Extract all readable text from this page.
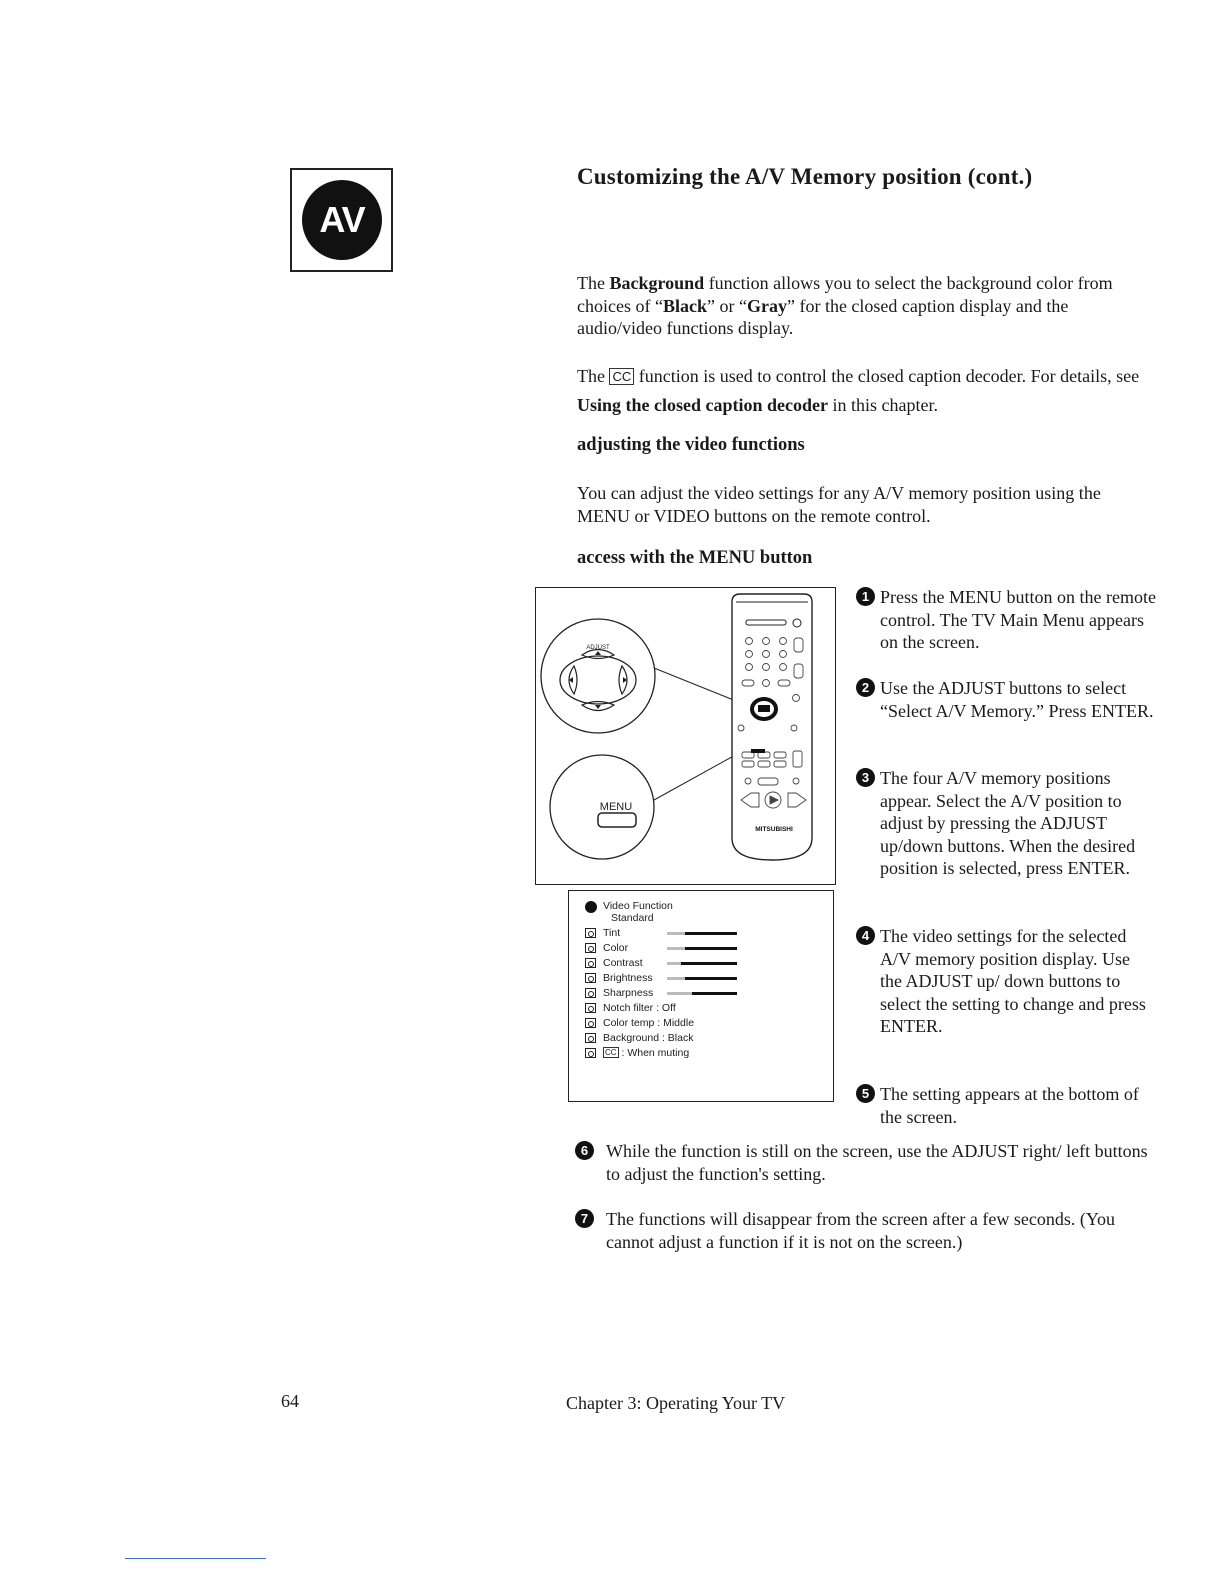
AV
Customizing the A/V Memory position (cont.)

The Background function allows you to select the background color from choices of “Black” or “Gray” for the closed caption display and the audio/video functions display.

The CC function is used to control the closed caption decoder. For details, see Using the closed caption decoder in this chapter.

adjusting the video functions

You can adjust the video settings for any A/V memory position using the MENU or VIDEO buttons on the remote control.

access with the MENU button

ADJUST
MENU
MITSUBISHI
Video Function
Standard
Tint
Color
Contrast
Brightness
Sharpness
Notch filter : Off
Color temp : Middle
Background : Black
CC : When muting
1 Press the MENU button on the remote control. The TV Main Menu appears on the screen.
2 Use the ADJUST buttons to select “Select A/V Memory.” Press ENTER.
3 The four A/V memory positions appear. Select the A/V position to adjust by pressing the ADJUST up/down buttons. When the desired position is selected, press ENTER.
4 The video settings for the selected A/V memory position display. Use the ADJUST up/ down buttons to select the setting to change and press ENTER.
5 The setting appears at the bottom of the screen.
6 While the function is still on the screen, use the ADJUST right/ left buttons to adjust the function's setting.
7 The functions will disappear from the screen after a few seconds. (You cannot adjust a function if it is not on the screen.)
64	Chapter 3: Operating Your TV
